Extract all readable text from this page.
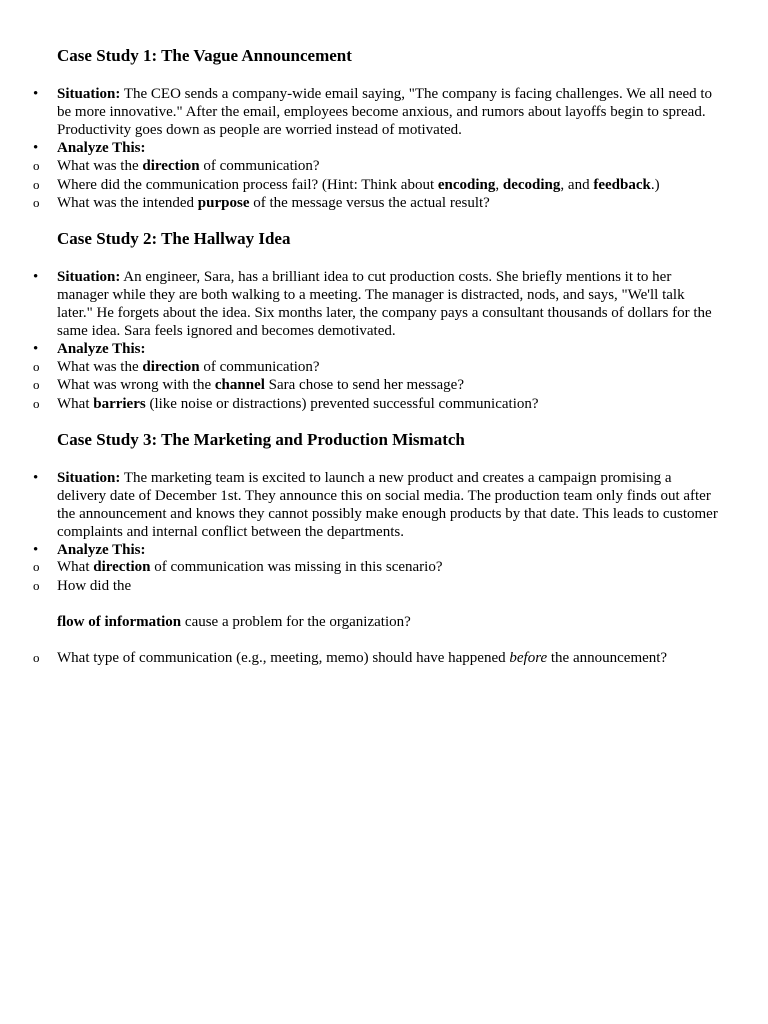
Case Study 1: The Vague Announcement
•	Situation: The CEO sends a company-wide email saying, "The company is facing challenges. We all need to be more innovative." After the email, employees become anxious, and rumors about layoffs begin to spread. Productivity goes down as people are worried instead of motivated.
•	Analyze This:
o	What was the direction of communication?
o	Where did the communication process fail? (Hint: Think about encoding, decoding, and feedback.)
o	What was the intended purpose of the message versus the actual result?
Case Study 2: The Hallway Idea
•	Situation: An engineer, Sara, has a brilliant idea to cut production costs. She briefly mentions it to her manager while they are both walking to a meeting. The manager is distracted, nods, and says, "We'll talk later." He forgets about the idea. Six months later, the company pays a consultant thousands of dollars for the same idea. Sara feels ignored and becomes demotivated.
•	Analyze This:
o	What was the direction of communication?
o	What was wrong with the channel Sara chose to send her message?
o	What barriers (like noise or distractions) prevented successful communication?
Case Study 3: The Marketing and Production Mismatch
•	Situation: The marketing team is excited to launch a new product and creates a campaign promising a delivery date of December 1st. They announce this on social media. The production team only finds out after the announcement and knows they cannot possibly make enough products by that date. This leads to customer complaints and internal conflict between the departments.
•	Analyze This:
o	What direction of communication was missing in this scenario?
o	How did the
flow of information cause a problem for the organization?
o	What type of communication (e.g., meeting, memo) should have happened before the announcement?
